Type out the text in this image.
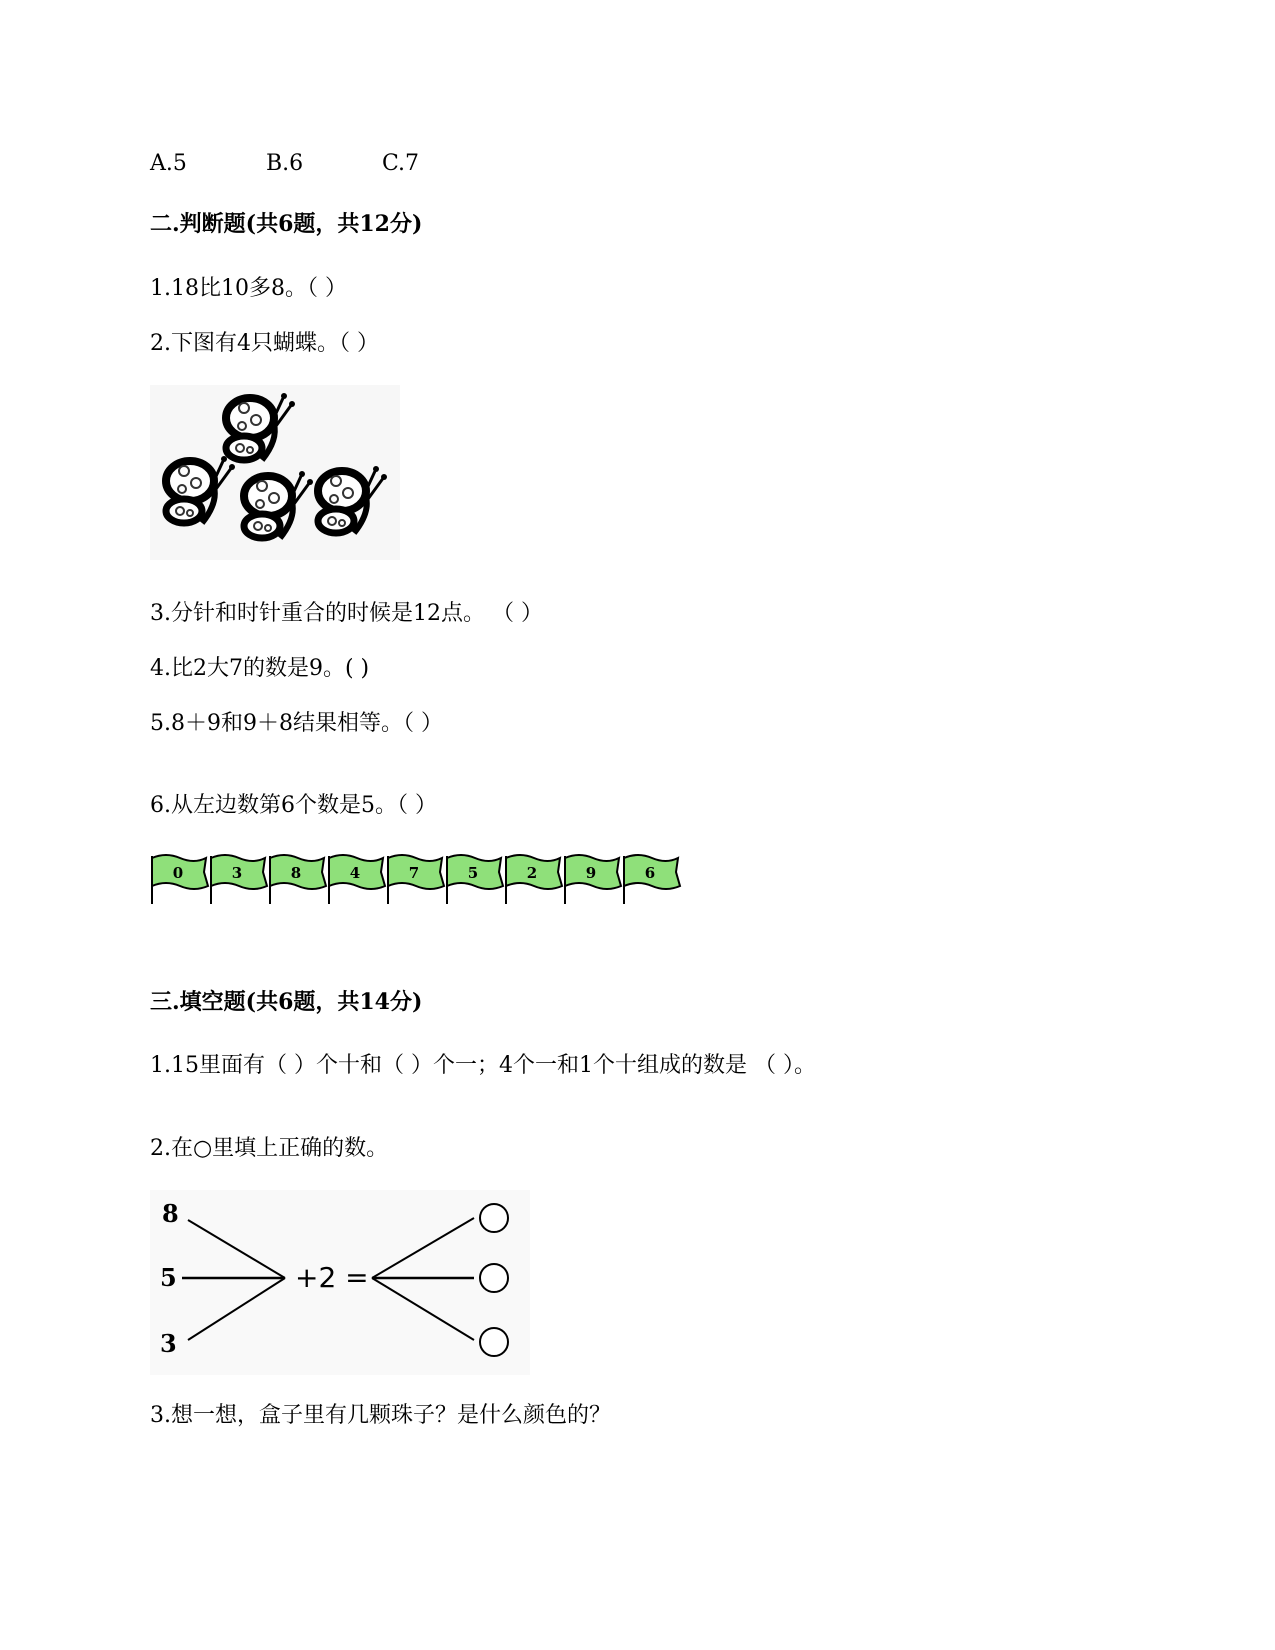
A.5	B.6	C.7
二.判断题(共6题，共12分)
1.18比10多8。（ ）
2.下图有4只蝴蝶。（ ）
3.分针和时针重合的时候是12点。 （ ）
4.比2大7的数是9。( )
5.8＋9和9＋8结果相等。（ ）
6.从左边数第6个数是5。（ ）
0	3	8	4	7	5	2	9	6
三.填空题(共6题，共14分)
1.15里面有（ ）个十和（ ）个一；4个一和1个十组成的数是 （ ）。
2.在○里填上正确的数。
8
5
3
+2 =
3.想一想，盒子里有几颗珠子？是什么颜色的？
